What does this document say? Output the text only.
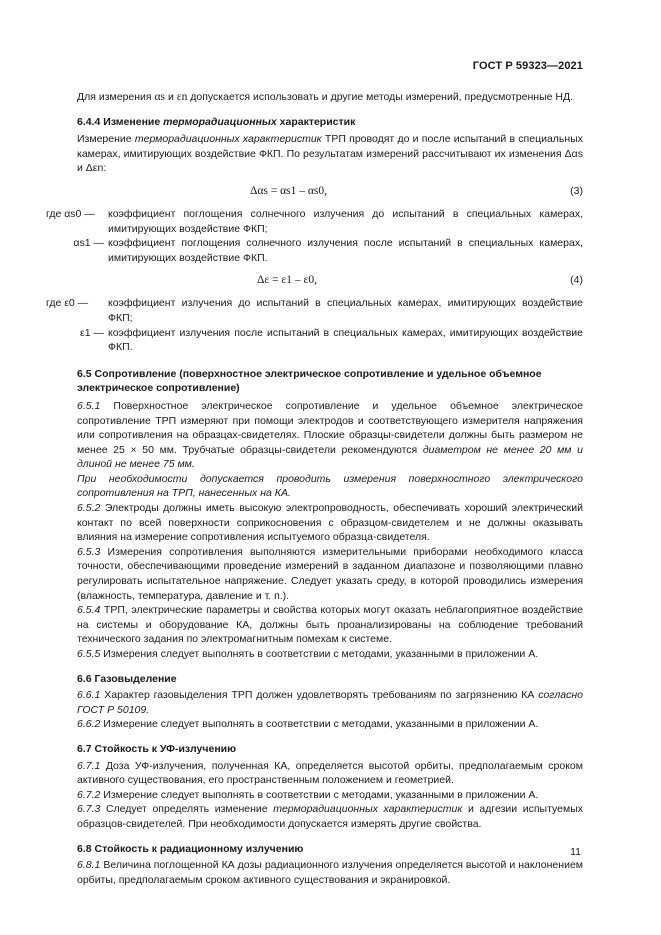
ГОСТ Р 59323—2021

Для измерения αs и εn допускается использовать и другие методы измерений, предусмотренные НД.

6.4.4 Изменение терморадиационных характеристик

Измерение терморадиационных характеристик ТРП проводят до и после испытаний в специальных камерах, имитирующих воздействие ФКП. По результатам измерений рассчитывают их изменения Δαs и Δεn:

Δαs = αs1 – αs0,	(3)
где αs0 —	коэффициент поглощения солнечного излучения до испытаний в специальных камерах, имитирующих воздействие ФКП;

αs1 — коэффициент поглощения солнечного излучения после испытаний в специальных камерах, имитирующих воздействие ФКП.

Δε = ε1 – ε0,	(4)
где ε0 —	коэффициент излучения до испытаний в специальных камерах, имитирующих воздействие ФКП;

ε1 — коэффициент излучения после испытаний в специальных камерах, имитирующих воздействие ФКП.

6.5 Сопротивление (поверхностное электрическое сопротивление и удельное объемное электрическое сопротивление)

6.5.1 Поверхностное электрическое сопротивление и удельное объемное электрическое сопротивление ТРП измеряют при помощи электродов и соответствующего измерителя напряжения или сопротивления на образцах-свидетелях. Плоские образцы-свидетели должны быть размером не менее 25 × 50 мм. Трубчатые образцы-свидетели рекомендуются диаметром не менее 20 мм и длиной не менее 75 мм.

При необходимости допускается проводить измерения поверхностного электрического сопротивления на ТРП, нанесенных на КА.

6.5.2 Электроды должны иметь высокую электропроводность, обеспечивать хороший электрический контакт по всей поверхности соприкосновения с образцом-свидетелем и не должны оказывать влияния на измерение сопротивления испытуемого образца-свидетеля.

6.5.3 Измерения сопротивления выполняются измерительными приборами необходимого класса точности, обеспечивающими проведение измерений в заданном диапазоне и позволяющими плавно регулировать испытательное напряжение. Следует указать среду, в которой проводились измерения (влажность, температура, давление и т. п.).

6.5.4 ТРП, электрические параметры и свойства которых могут оказать неблагоприятное воздействие на системы и оборудование КА, должны быть проанализированы на соблюдение требований технического задания по электромагнитным помехам к системе.

6.5.5 Измерения следует выполнять в соответствии с методами, указанными в приложении А.

6.6 Газовыделение

6.6.1 Характер газовыделения ТРП должен удовлетворять требованиям по загрязнению КА согласно ГОСТ Р 50109.

6.6.2 Измерение следует выполнять в соответствии с методами, указанными в приложении А.

6.7 Стойкость к УФ-излучению

6.7.1 Доза УФ-излучения, полученная КА, определяется высотой орбиты, предполагаемым сроком активного существования, его пространственным положением и геометрией.

6.7.2 Измерение следует выполнять в соответствии с методами, указанными в приложении А.

6.7.3 Следует определять изменение терморадиационных характеристик и адгезии испытуемых образцов-свидетелей. При необходимости допускается измерять другие свойства.

6.8 Стойкость к радиационному излучению

6.8.1 Величина поглощенной КА дозы радиационного излучения определяется высотой и наклонением орбиты, предполагаемым сроком активного существования и экранировкой.

11
